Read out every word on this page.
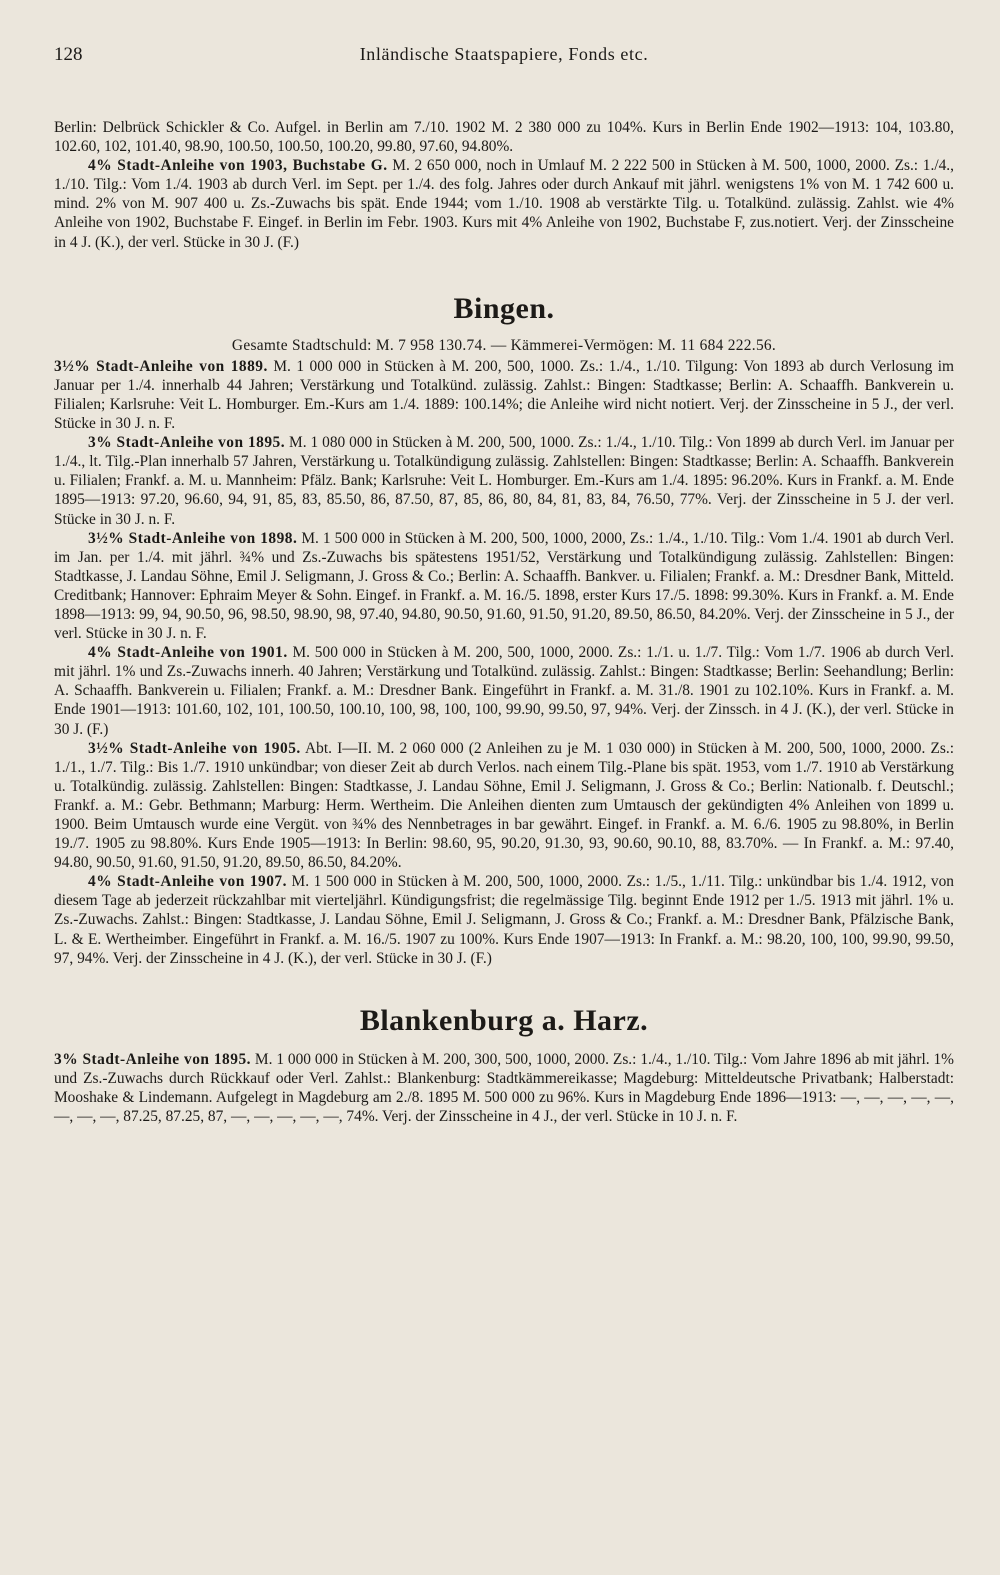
128	Inländische Staatspapiere, Fonds etc.

Berlin: Delbrück Schickler & Co. Aufgel. in Berlin am 7./10. 1902 M. 2 380 000 zu 104%. Kurs in Berlin Ende 1902—1913: 104, 103.80, 102.60, 102, 101.40, 98.90, 100.50, 100.50, 100.20, 99.80, 97.60, 94.80%.

4% Stadt-Anleihe von 1903, Buchstabe G. M. 2 650 000, noch in Umlauf M. 2 222 500 in Stücken à M. 500, 1000, 2000. Zs.: 1./4., 1./10. Tilg.: Vom 1./4. 1903 ab durch Verl. im Sept. per 1./4. des folg. Jahres oder durch Ankauf mit jährl. wenigstens 1% von M. 1 742 600 u. mind. 2% von M. 907 400 u. Zs.-Zuwachs bis spät. Ende 1944; vom 1./10. 1908 ab verstärkte Tilg. u. Totalkünd. zulässig. Zahlst. wie 4% Anleihe von 1902, Buchstabe F. Eingef. in Berlin im Febr. 1903. Kurs mit 4% Anleihe von 1902, Buchstabe F, zus.notiert. Verj. der Zinsscheine in 4 J. (K.), der verl. Stücke in 30 J. (F.)

Bingen.
Gesamte Stadtschuld: M. 7 958 130.74. — Kämmerei-Vermögen: M. 11 684 222.56.

3½% Stadt-Anleihe von 1889. M. 1 000 000 in Stücken à M. 200, 500, 1000. Zs.: 1./4., 1./10. Tilgung: Von 1893 ab durch Verlosung im Januar per 1./4. innerhalb 44 Jahren; Verstärkung und Totalkünd. zulässig. Zahlst.: Bingen: Stadtkasse; Berlin: A. Schaaffh. Bankverein u. Filialen; Karlsruhe: Veit L. Homburger. Em.-Kurs am 1./4. 1889: 100.14%; die Anleihe wird nicht notiert. Verj. der Zinsscheine in 5 J., der verl. Stücke in 30 J. n. F.

3% Stadt-Anleihe von 1895. M. 1 080 000 in Stücken à M. 200, 500, 1000. Zs.: 1./4., 1./10. Tilg.: Von 1899 ab durch Verl. im Januar per 1./4., lt. Tilg.-Plan innerhalb 57 Jahren, Verstärkung u. Totalkündigung zulässig. Zahlstellen: Bingen: Stadtkasse; Berlin: A. Schaaffh. Bankverein u. Filialen; Frankf. a. M. u. Mannheim: Pfälz. Bank; Karlsruhe: Veit L. Homburger. Em.-Kurs am 1./4. 1895: 96.20%. Kurs in Frankf. a. M. Ende 1895—1913: 97.20, 96.60, 94, 91, 85, 83, 85.50, 86, 87.50, 87, 85, 86, 80, 84, 81, 83, 84, 76.50, 77%. Verj. der Zinsscheine in 5 J. der verl. Stücke in 30 J. n. F.

3½% Stadt-Anleihe von 1898. M. 1 500 000 in Stücken à M. 200, 500, 1000, 2000, Zs.: 1./4., 1./10. Tilg.: Vom 1./4. 1901 ab durch Verl. im Jan. per 1./4. mit jährl. ¾% und Zs.-Zuwachs bis spätestens 1951/52, Verstärkung und Totalkündigung zulässig. Zahlstellen: Bingen: Stadtkasse, J. Landau Söhne, Emil J. Seligmann, J. Gross & Co.; Berlin: A. Schaaffh. Bankver. u. Filialen; Frankf. a. M.: Dresdner Bank, Mitteld. Creditbank; Hannover: Ephraim Meyer & Sohn. Eingef. in Frankf. a. M. 16./5. 1898, erster Kurs 17./5. 1898: 99.30%. Kurs in Frankf. a. M. Ende 1898—1913: 99, 94, 90.50, 96, 98.50, 98.90, 98, 97.40, 94.80, 90.50, 91.60, 91.50, 91.20, 89.50, 86.50, 84.20%. Verj. der Zinsscheine in 5 J., der verl. Stücke in 30 J. n. F.

4% Stadt-Anleihe von 1901. M. 500 000 in Stücken à M. 200, 500, 1000, 2000. Zs.: 1./1. u. 1./7. Tilg.: Vom 1./7. 1906 ab durch Verl. mit jährl. 1% und Zs.-Zuwachs innerh. 40 Jahren; Verstärkung und Totalkünd. zulässig. Zahlst.: Bingen: Stadtkasse; Berlin: Seehandlung; Berlin: A. Schaaffh. Bankverein u. Filialen; Frankf. a. M.: Dresdner Bank. Eingeführt in Frankf. a. M. 31./8. 1901 zu 102.10%. Kurs in Frankf. a. M. Ende 1901—1913: 101.60, 102, 101, 100.50, 100.10, 100, 98, 100, 100, 99.90, 99.50, 97, 94%. Verj. der Zinssch. in 4 J. (K.), der verl. Stücke in 30 J. (F.)

3½% Stadt-Anleihe von 1905. Abt. I—II. M. 2 060 000 (2 Anleihen zu je M. 1 030 000) in Stücken à M. 200, 500, 1000, 2000. Zs.: 1./1., 1./7. Tilg.: Bis 1./7. 1910 unkündbar; von dieser Zeit ab durch Verlos. nach einem Tilg.-Plane bis spät. 1953, vom 1./7. 1910 ab Verstärkung u. Totalkündig. zulässig. Zahlstellen: Bingen: Stadtkasse, J. Landau Söhne, Emil J. Seligmann, J. Gross & Co.; Berlin: Nationalb. f. Deutschl.; Frankf. a. M.: Gebr. Bethmann; Marburg: Herm. Wertheim. Die Anleihen dienten zum Umtausch der gekündigten 4% Anleihen von 1899 u. 1900. Beim Umtausch wurde eine Vergüt. von ¾% des Nennbetrages in bar gewährt. Eingef. in Frankf. a. M. 6./6. 1905 zu 98.80%, in Berlin 19./7. 1905 zu 98.80%. Kurs Ende 1905—1913: In Berlin: 98.60, 95, 90.20, 91.30, 93, 90.60, 90.10, 88, 83.70%. — In Frankf. a. M.: 97.40, 94.80, 90.50, 91.60, 91.50, 91.20, 89.50, 86.50, 84.20%.

4% Stadt-Anleihe von 1907. M. 1 500 000 in Stücken à M. 200, 500, 1000, 2000. Zs.: 1./5., 1./11. Tilg.: unkündbar bis 1./4. 1912, von diesem Tage ab jederzeit rückzahlbar mit vierteljährl. Kündigungsfrist; die regelmässige Tilg. beginnt Ende 1912 per 1./5. 1913 mit jährl. 1% u. Zs.-Zuwachs. Zahlst.: Bingen: Stadtkasse, J. Landau Söhne, Emil J. Seligmann, J. Gross & Co.; Frankf. a. M.: Dresdner Bank, Pfälzische Bank, L. & E. Wertheimber. Eingeführt in Frankf. a. M. 16./5. 1907 zu 100%. Kurs Ende 1907—1913: In Frankf. a. M.: 98.20, 100, 100, 99.90, 99.50, 97, 94%. Verj. der Zinsscheine in 4 J. (K.), der verl. Stücke in 30 J. (F.)

Blankenburg a. Harz.

3% Stadt-Anleihe von 1895. M. 1 000 000 in Stücken à M. 200, 300, 500, 1000, 2000. Zs.: 1./4., 1./10. Tilg.: Vom Jahre 1896 ab mit jährl. 1% und Zs.-Zuwachs durch Rückkauf oder Verl. Zahlst.: Blankenburg: Stadtkämmereikasse; Magdeburg: Mitteldeutsche Privatbank; Halberstadt: Mooshake & Lindemann. Aufgelegt in Magdeburg am 2./8. 1895 M. 500 000 zu 96%. Kurs in Magdeburg Ende 1896—1913: —, —, —, —, —, —, —, —, 87.25, 87.25, 87, —, —, —, —, —, 74%. Verj. der Zinsscheine in 4 J., der verl. Stücke in 10 J. n. F.
